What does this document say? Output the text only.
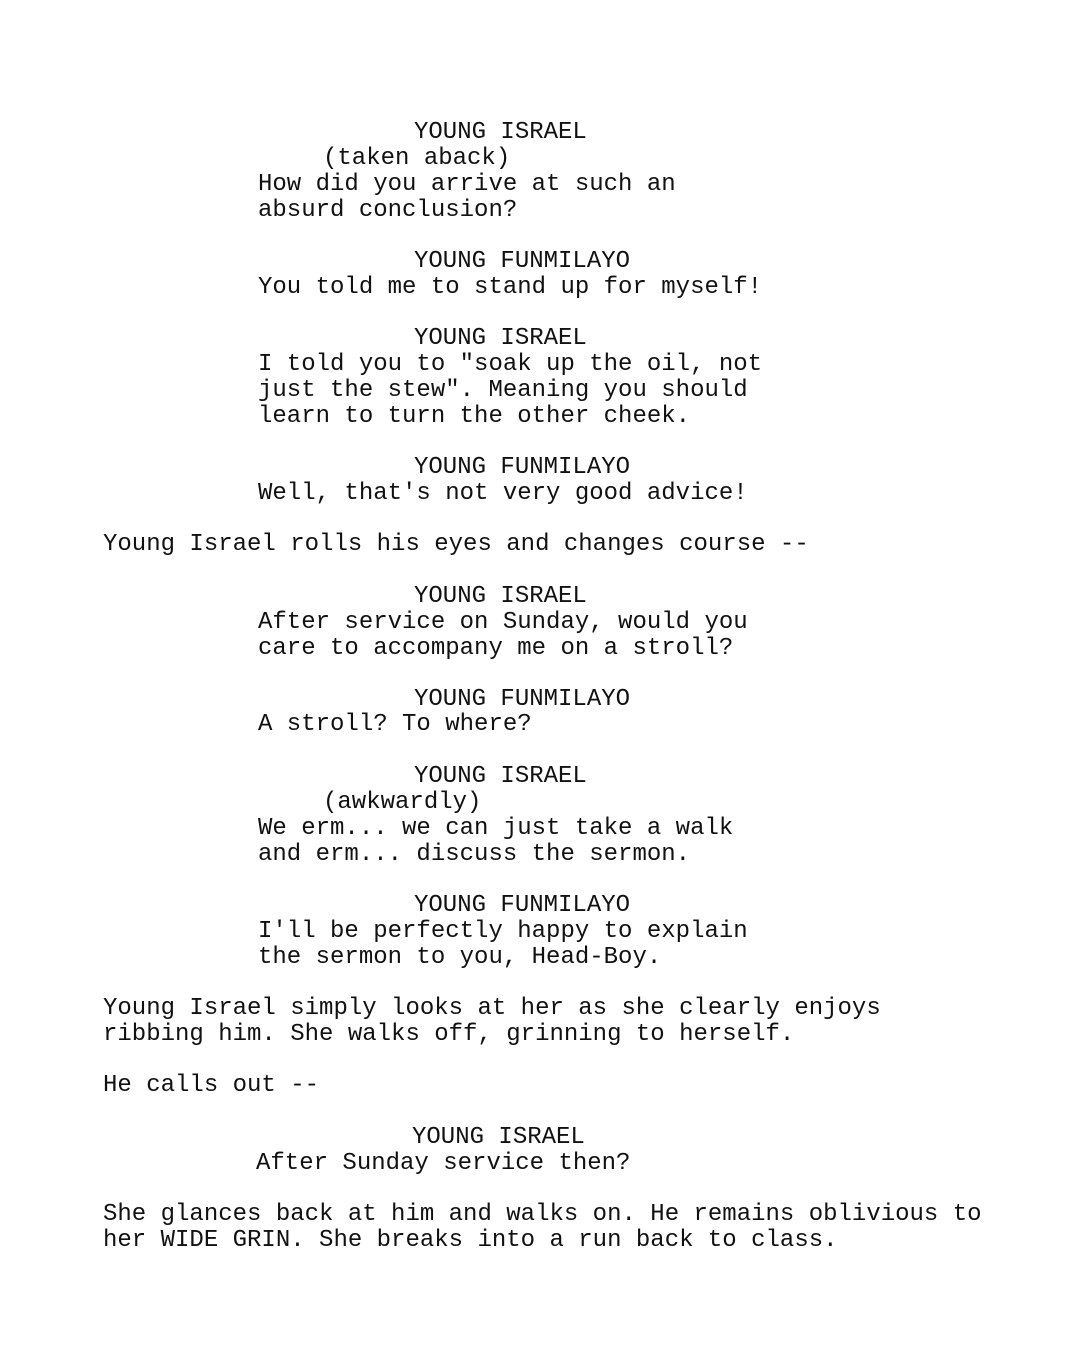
YOUNG ISRAEL
(taken aback)
How did you arrive at such an
absurd conclusion?
YOUNG FUNMILAYO
You told me to stand up for myself!
YOUNG ISRAEL
I told you to "soak up the oil, not
just the stew". Meaning you should
learn to turn the other cheek.
YOUNG FUNMILAYO
Well, that's not very good advice!
Young Israel rolls his eyes and changes course --
YOUNG ISRAEL
After service on Sunday, would you
care to accompany me on a stroll?
YOUNG FUNMILAYO
A stroll? To where?
YOUNG ISRAEL
(awkwardly)
We erm... we can just take a walk
and erm... discuss the sermon.
YOUNG FUNMILAYO
I'll be perfectly happy to explain
the sermon to you, Head-Boy.
Young Israel simply looks at her as she clearly enjoys
ribbing him. She walks off, grinning to herself.
He calls out --
YOUNG ISRAEL
After Sunday service then?
She glances back at him and walks on. He remains oblivious to
her WIDE GRIN. She breaks into a run back to class.
